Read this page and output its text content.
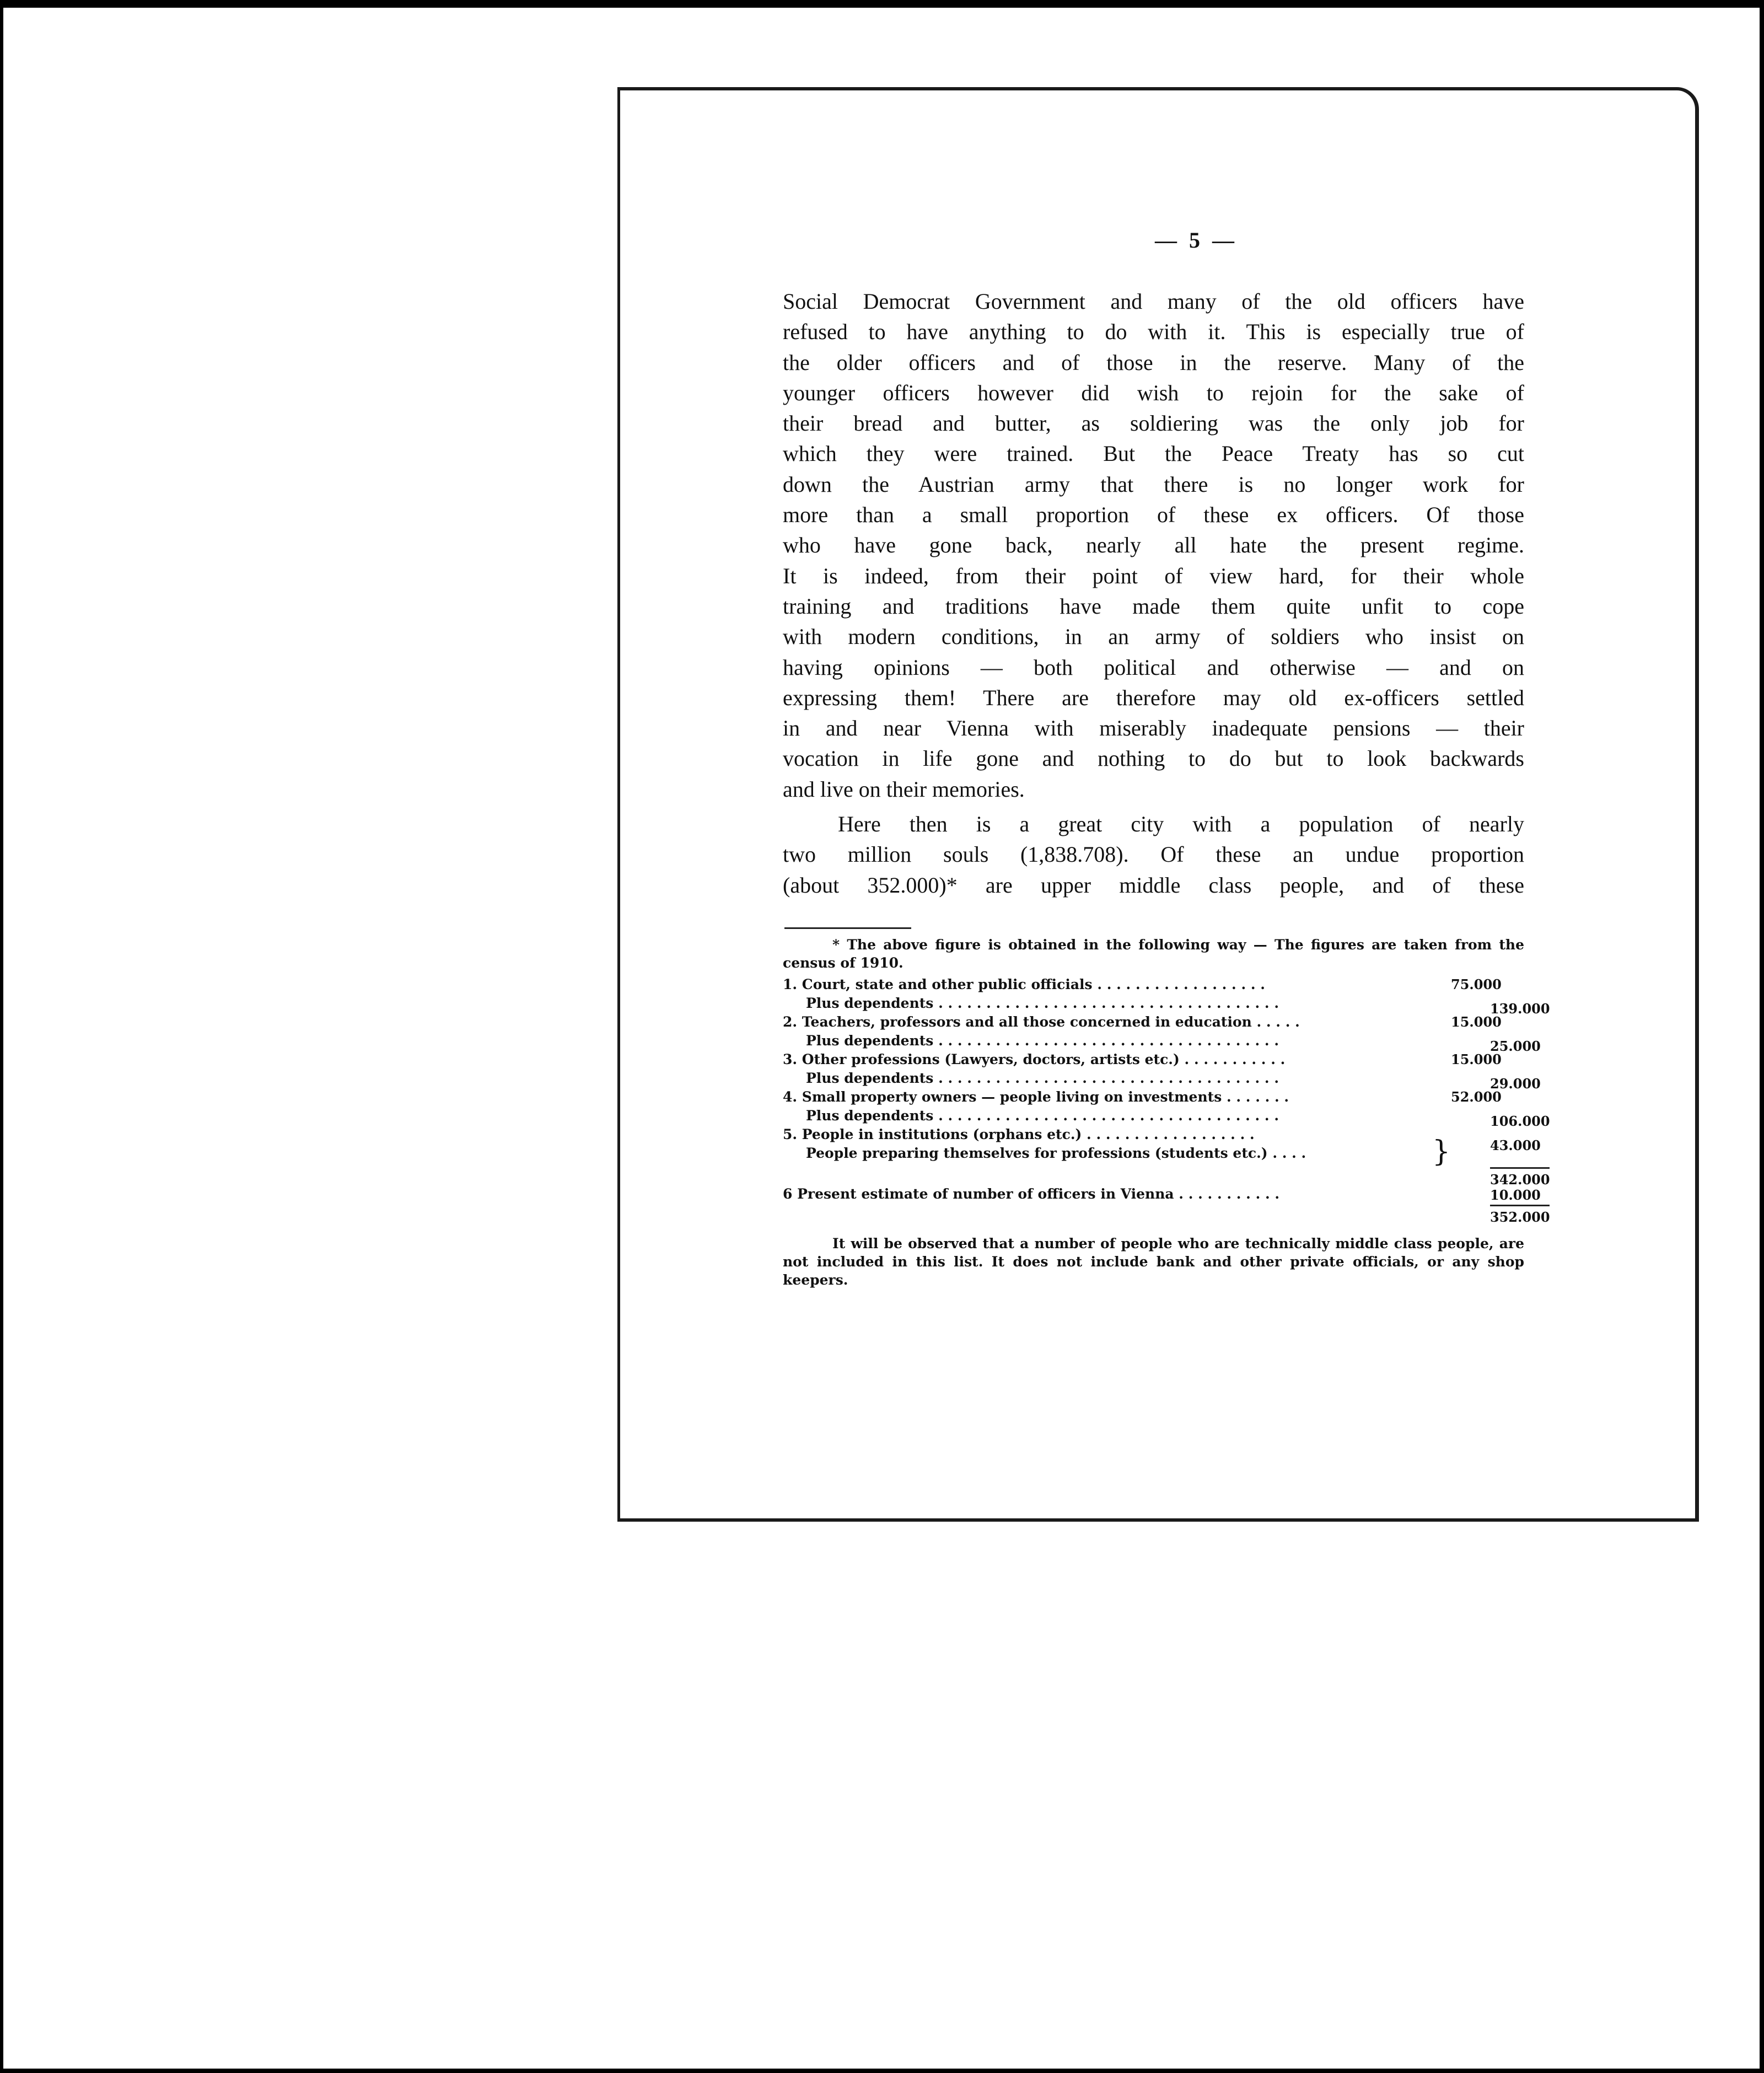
— 5 —

Social Democrat Government and many of the old officers have
refused to have anything to do with it. This is especially true of
the older officers and of those in the reserve. Many of the
younger officers however did wish to rejoin for the sake of
their bread and butter, as soldiering was the only job for
which they were trained. But the Peace Treaty has so cut
down the Austrian army that there is no longer work for
more than a small proportion of these ex officers. Of those
who have gone back, nearly all hate the present regime.
It is indeed, from their point of view hard, for their whole
training and traditions have made them quite unfit to cope
with modern conditions, in an army of soldiers who insist on
having opinions — both political and otherwise — and on
expressing them! There are therefore may old ex-officers settled
in and near Vienna with miserably inadequate pensions — their
vocation in life gone and nothing to do but to look backwards
and live on their memories.

Here then is a great city with a population of nearly
two million souls (1,838.708). Of these an undue proportion
(about 352.000)* are upper middle class people, and of these

* The above figure is obtained in the following way — The figures are taken from the census of 1910.

1. Court, state and other public officials . . . . . . . . . . . . . . . . . .	75.000
Plus dependents . . . . . . . . . . . . . . . . . . . . . . . . . . . . . . . . . . . .	139.000
2. Teachers, professors and all those concerned in education . . . . .	15.000
Plus dependents . . . . . . . . . . . . . . . . . . . . . . . . . . . . . . . . . . . .	25.000
3. Other professions (Lawyers, doctors, artists etc.) . . . . . . . . . . .	15.000
Plus dependents . . . . . . . . . . . . . . . . . . . . . . . . . . . . . . . . . . . .	29.000
4. Small property owners — people living on investments . . . . . . .	52.000
Plus dependents . . . . . . . . . . . . . . . . . . . . . . . . . . . . . . . . . . . .	106.000
5. People in institutions (orphans etc.) . . . . . . . . . . . . . . . . . .
People preparing themselves for professions (students etc.) . . . .	}	43.000
342.000
6 Present estimate of number of officers in Vienna . . . . . . . . . . .	10.000
352.000

It will be observed that a number of people who are technically middle class people, are not included in this list. It does not include bank and other private officials, or any shop keepers.
